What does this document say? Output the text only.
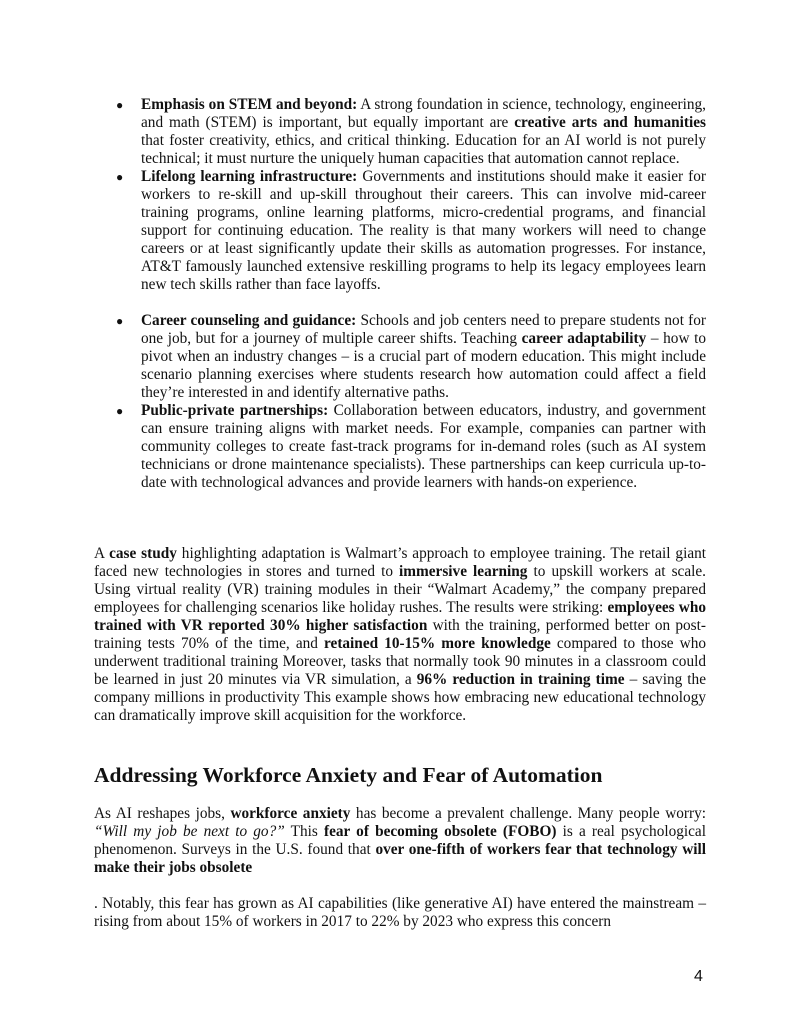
● Emphasis on STEM and beyond: A strong foundation in science, technology, engineering, and math (STEM) is important, but equally important are creative arts and humanities that foster creativity, ethics, and critical thinking. Education for an AI world is not purely technical; it must nurture the uniquely human capacities that automation cannot replace.
● Lifelong learning infrastructure: Governments and institutions should make it easier for workers to re-skill and up-skill throughout their careers. This can involve mid-career training programs, online learning platforms, micro-credential programs, and financial support for continuing education. The reality is that many workers will need to change careers or at least significantly update their skills as automation progresses. For instance, AT&T famously launched extensive reskilling programs to help its legacy employees learn new tech skills rather than face layoffs.
● Career counseling and guidance: Schools and job centers need to prepare students not for one job, but for a journey of multiple career shifts. Teaching career adaptability – how to pivot when an industry changes – is a crucial part of modern education. This might include scenario planning exercises where students research how automation could affect a field they’re interested in and identify alternative paths.
● Public-private partnerships: Collaboration between educators, industry, and government can ensure training aligns with market needs. For example, companies can partner with community colleges to create fast-track programs for in-demand roles (such as AI system technicians or drone maintenance specialists). These partnerships can keep curricula up-to-date with technological advances and provide learners with hands-on experience.

A case study highlighting adaptation is Walmart’s approach to employee training. The retail giant faced new technologies in stores and turned to immersive learning to upskill workers at scale. Using virtual reality (VR) training modules in their “Walmart Academy,” the company prepared employees for challenging scenarios like holiday rushes. The results were striking: employees who trained with VR reported 30% higher satisfaction with the training, performed better on post-training tests 70% of the time, and retained 10-15% more knowledge compared to those who underwent traditional training Moreover, tasks that normally took 90 minutes in a classroom could be learned in just 20 minutes via VR simulation, a 96% reduction in training time – saving the company millions in productivity This example shows how embracing new educational technology can dramatically improve skill acquisition for the workforce.

Addressing Workforce Anxiety and Fear of Automation

As AI reshapes jobs, workforce anxiety has become a prevalent challenge. Many people worry: “Will my job be next to go?” This fear of becoming obsolete (FOBO) is a real psychological phenomenon. Surveys in the U.S. found that over one-fifth of workers fear that technology will make their jobs obsolete

. Notably, this fear has grown as AI capabilities (like generative AI) have entered the mainstream – rising from about 15% of workers in 2017 to 22% by 2023 who express this concern

4
